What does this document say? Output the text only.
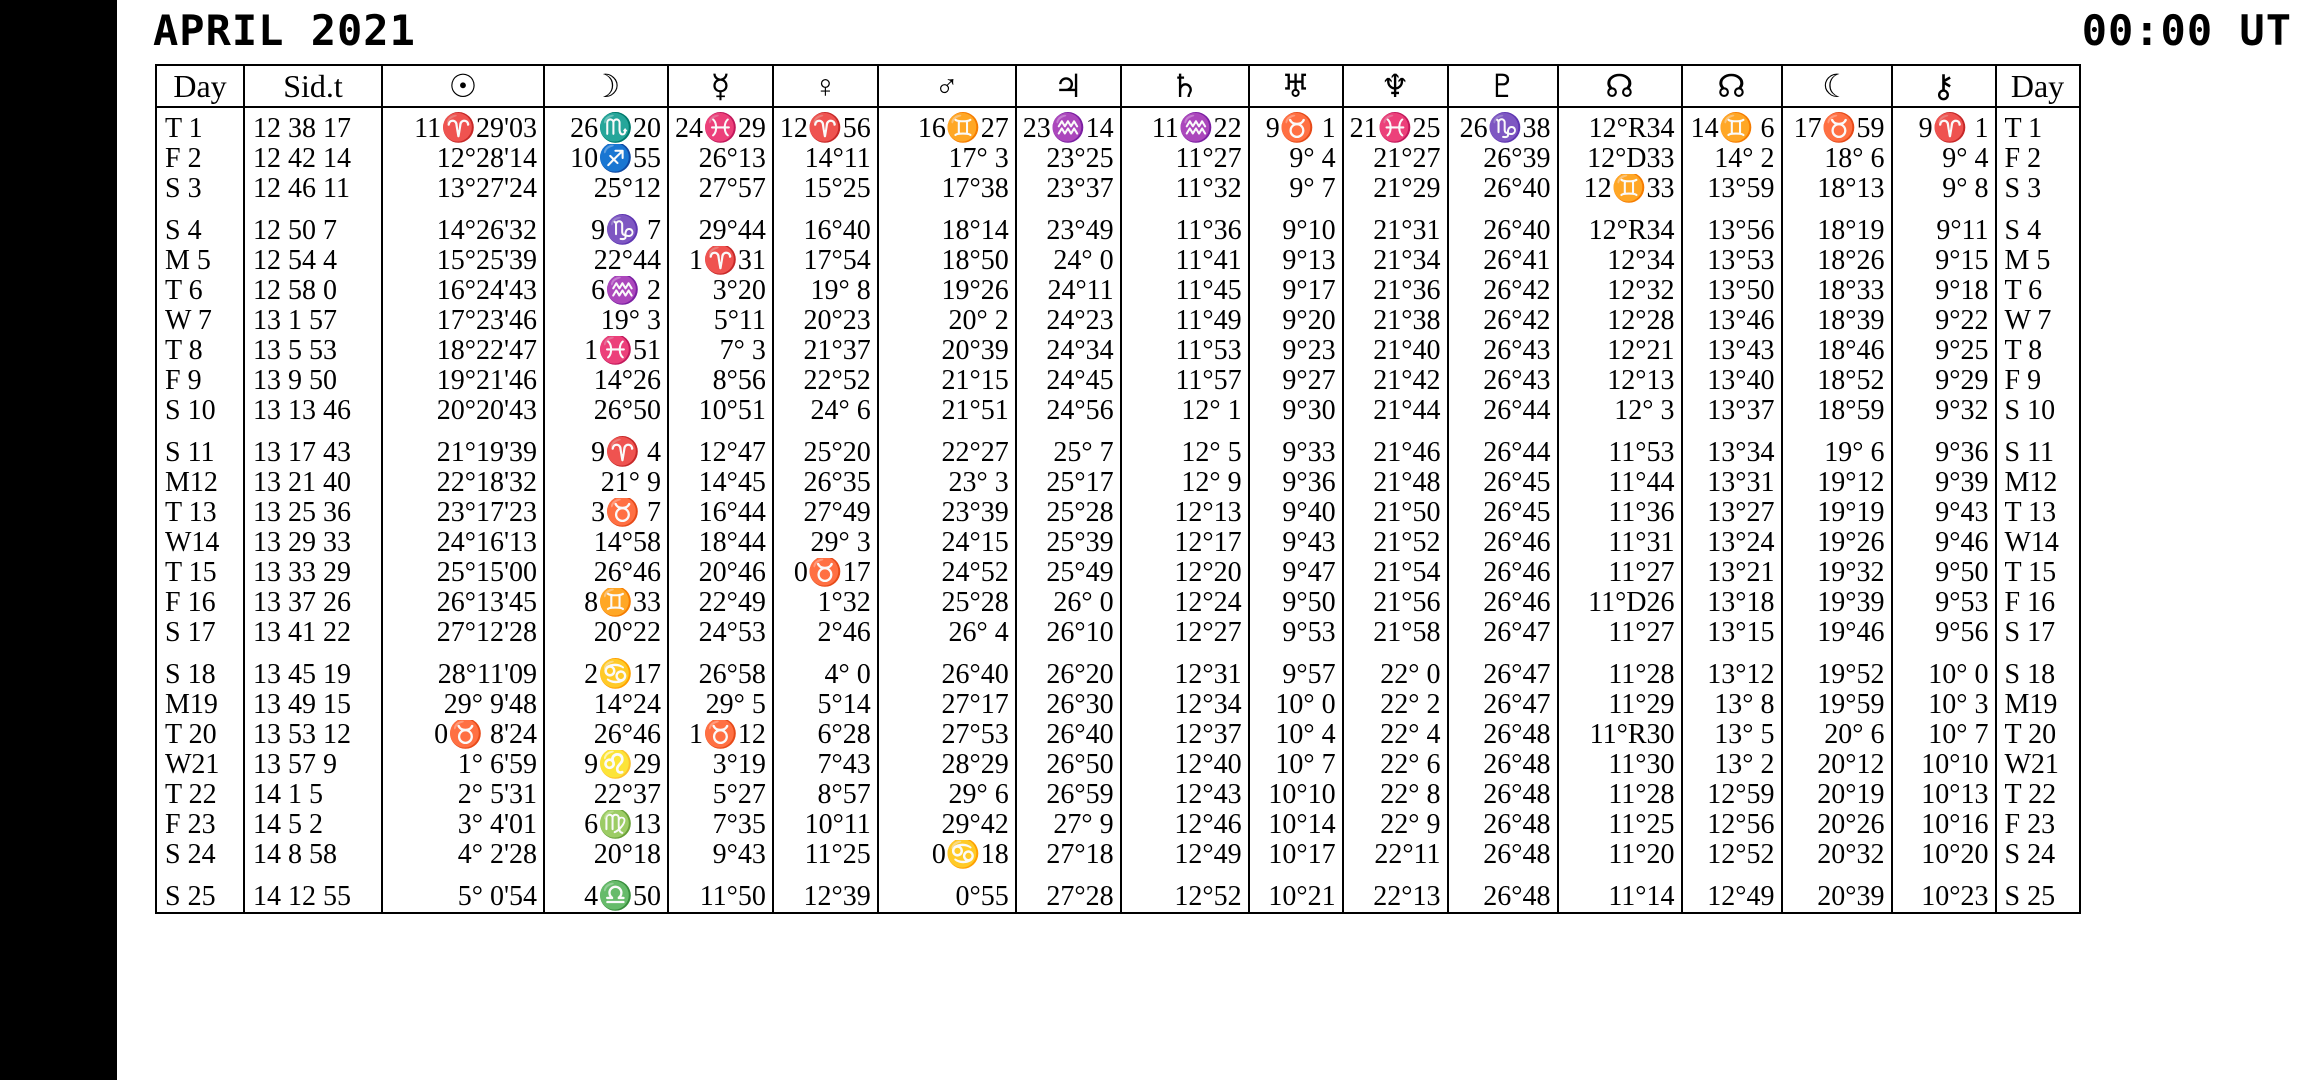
APRIL 2021	00:00 UT
Day	Sid.t	☉	☽	☿	♀	♂	♃	♄	♅	♆	♇	☊	☊	☾	⚷	Day
T 1	12 38 17	11♈29'03	26♏20	24♓29	12♈56	16♊27	23♒14	11♒22	9♉ 1	21♓25	26♑38	12°R34	14♊ 6	17♉59	9♈ 1	T 1
F 2	12 42 14	12°28'14	10♐55	26°13	14°11	17° 3	23°25	11°27	9° 4	21°27	26°39	12°D33	14° 2	18° 6	9° 4	F 2
S 3	12 46 11	13°27'24	25°12	27°57	15°25	17°38	23°37	11°32	9° 7	21°29	26°40	12♊33	13°59	18°13	9° 8	S 3
S 4	12 50 7	14°26'32	9♑ 7	29°44	16°40	18°14	23°49	11°36	9°10	21°31	26°40	12°R34	13°56	18°19	9°11	S 4
M 5	12 54 4	15°25'39	22°44	1♈31	17°54	18°50	24° 0	11°41	9°13	21°34	26°41	12°34	13°53	18°26	9°15	M 5
T 6	12 58 0	16°24'43	6♒ 2	3°20	19° 8	19°26	24°11	11°45	9°17	21°36	26°42	12°32	13°50	18°33	9°18	T 6
W 7	13 1 57	17°23'46	19° 3	5°11	20°23	20° 2	24°23	11°49	9°20	21°38	26°42	12°28	13°46	18°39	9°22	W 7
T 8	13 5 53	18°22'47	1♓51	7° 3	21°37	20°39	24°34	11°53	9°23	21°40	26°43	12°21	13°43	18°46	9°25	T 8
F 9	13 9 50	19°21'46	14°26	8°56	22°52	21°15	24°45	11°57	9°27	21°42	26°43	12°13	13°40	18°52	9°29	F 9
S 10	13 13 46	20°20'43	26°50	10°51	24° 6	21°51	24°56	12° 1	9°30	21°44	26°44	12° 3	13°37	18°59	9°32	S 10
S 11	13 17 43	21°19'39	9♈ 4	12°47	25°20	22°27	25° 7	12° 5	9°33	21°46	26°44	11°53	13°34	19° 6	9°36	S 11
M12	13 21 40	22°18'32	21° 9	14°45	26°35	23° 3	25°17	12° 9	9°36	21°48	26°45	11°44	13°31	19°12	9°39	M12
T 13	13 25 36	23°17'23	3♉ 7	16°44	27°49	23°39	25°28	12°13	9°40	21°50	26°45	11°36	13°27	19°19	9°43	T 13
W14	13 29 33	24°16'13	14°58	18°44	29° 3	24°15	25°39	12°17	9°43	21°52	26°46	11°31	13°24	19°26	9°46	W14
T 15	13 33 29	25°15'00	26°46	20°46	0♉17	24°52	25°49	12°20	9°47	21°54	26°46	11°27	13°21	19°32	9°50	T 15
F 16	13 37 26	26°13'45	8♊33	22°49	1°32	25°28	26° 0	12°24	9°50	21°56	26°46	11°D26	13°18	19°39	9°53	F 16
S 17	13 41 22	27°12'28	20°22	24°53	2°46	26° 4	26°10	12°27	9°53	21°58	26°47	11°27	13°15	19°46	9°56	S 17
S 18	13 45 19	28°11'09	2♋17	26°58	4° 0	26°40	26°20	12°31	9°57	22° 0	26°47	11°28	13°12	19°52	10° 0	S 18
M19	13 49 15	29° 9'48	14°24	29° 5	5°14	27°17	26°30	12°34	10° 0	22° 2	26°47	11°29	13° 8	19°59	10° 3	M19
T 20	13 53 12	0♉ 8'24	26°46	1♉12	6°28	27°53	26°40	12°37	10° 4	22° 4	26°48	11°R30	13° 5	20° 6	10° 7	T 20
W21	13 57 9	1° 6'59	9♌29	3°19	7°43	28°29	26°50	12°40	10° 7	22° 6	26°48	11°30	13° 2	20°12	10°10	W21
T 22	14 1 5	2° 5'31	22°37	5°27	8°57	29° 6	26°59	12°43	10°10	22° 8	26°48	11°28	12°59	20°19	10°13	T 22
F 23	14 5 2	3° 4'01	6♍13	7°35	10°11	29°42	27° 9	12°46	10°14	22° 9	26°48	11°25	12°56	20°26	10°16	F 23
S 24	14 8 58	4° 2'28	20°18	9°43	11°25	0♋18	27°18	12°49	10°17	22°11	26°48	11°20	12°52	20°32	10°20	S 24
S 25	14 12 55	5° 0'54	4♎50	11°50	12°39	0°55	27°28	12°52	10°21	22°13	26°48	11°14	12°49	20°39	10°23	S 25
